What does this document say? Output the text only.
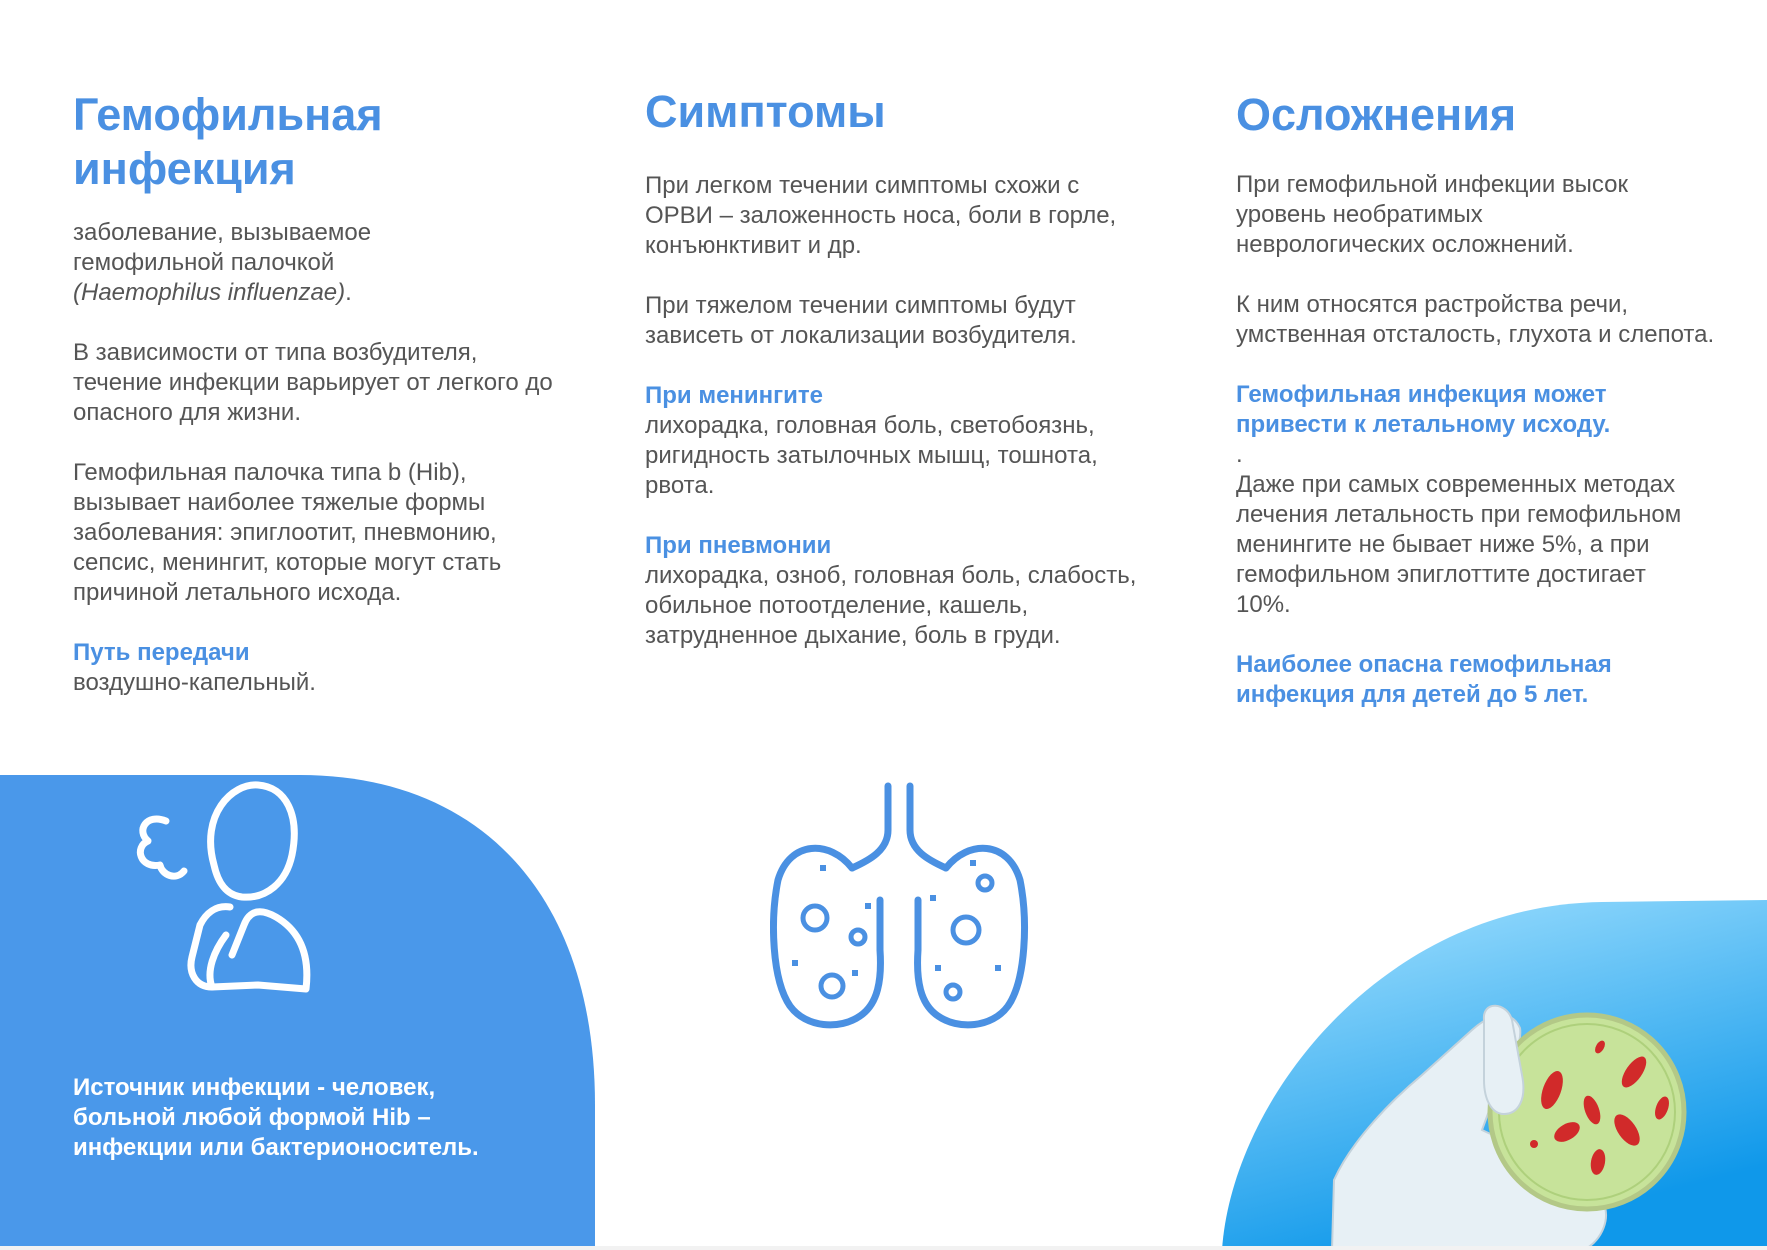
Гемофильная инфекция

заболевание, вызываемое гемофильной палочкой (Haemophilus influenzae).

В зависимости от типа возбудителя, течение инфекции варьирует от легкого до опасного для жизни.

Гемофильная палочка типа b (Hib), вызывает наиболее тяжелые формы заболевания: эпиглоотит, пневмонию, сепсис, менингит, которые могут стать причиной летального исхода.

Путь передачи

воздушно-капельный.

Симптомы

При легком течении симптомы схожи с ОРВИ – заложенность носа, боли в горле, конъюнктивит и др.

При тяжелом течении симптомы будут зависеть от локализации возбудителя.

При менингите

лихорадка, головная боль, светобоязнь, ригидность затылочных мышц, тошнота, рвота.

При пневмонии

лихорадка, озноб, головная боль, слабость, обильное потоотделение, кашель, затрудненное дыхание, боль в груди.

Осложнения

При гемофильной инфекции высок уровень необратимых неврологических осложнений.

К ним относятся растройства речи, умственная отсталость, глухота и слепота.

Гемофильная инфекция может привести к летальному исходу.

.

Даже при самых современных методах лечения летальность при гемофильном менингите не бывает ниже 5%, а при гемофильном эпиглоттите достигает 10%.

Наиболее опасна гемофильная инфекция для детей до 5 лет.

Источник инфекции - человек, больной любой формой Hib – инфекции или бактерионоситель.
